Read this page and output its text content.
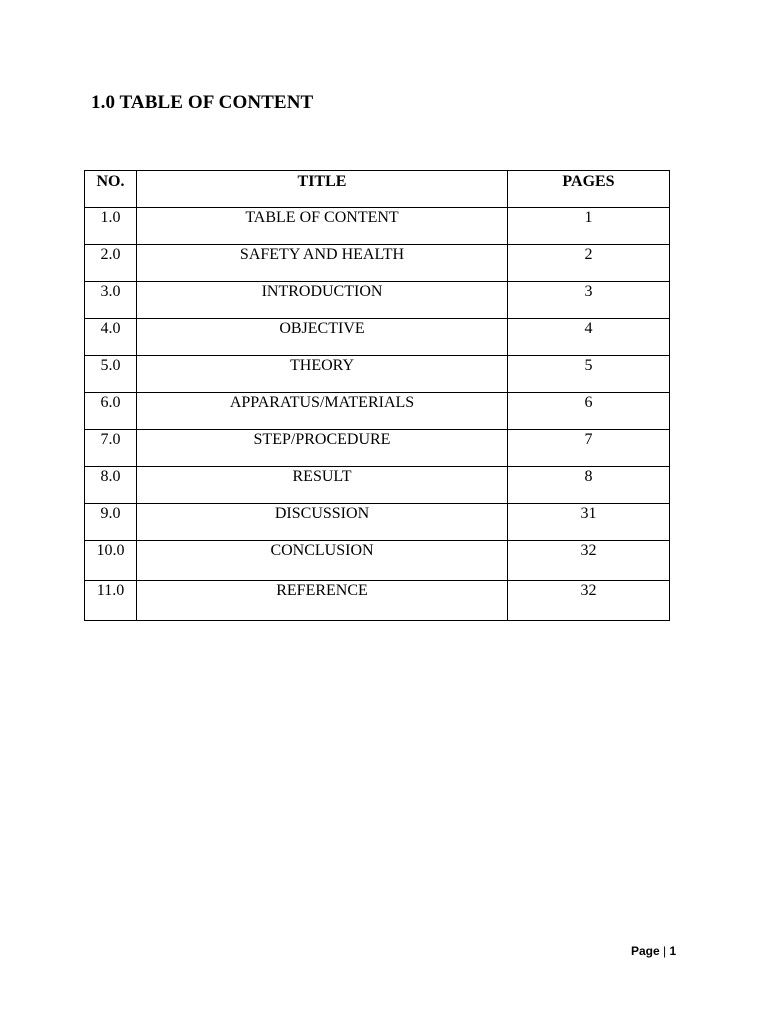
1.0 TABLE OF CONTENT
NO.	TITLE	PAGES
1.0	TABLE OF CONTENT	1
2.0	SAFETY AND HEALTH	2
3.0	INTRODUCTION	3
4.0	OBJECTIVE	4
5.0	THEORY	5
6.0	APPARATUS/MATERIALS	6
7.0	STEP/PROCEDURE	7
8.0	RESULT	8
9.0	DISCUSSION	31
10.0	CONCLUSION	32
11.0	REFERENCE	32
Page | 1
